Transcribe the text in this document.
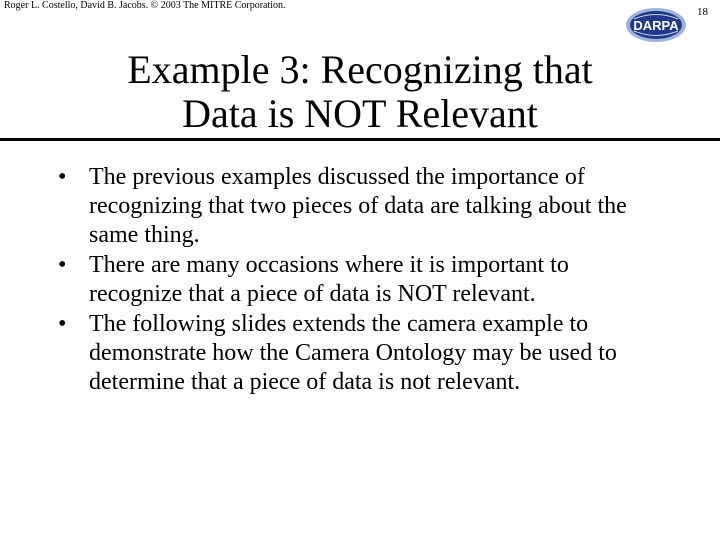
Roger L. Costello, David B. Jacobs. © 2003 The MITRE Corporation.
18
DARPA
Example 3: Recognizing that
Data is NOT Relevant
• The previous examples discussed the importance of recognizing that two pieces of data are talking about the same thing.
• There are many occasions where it is important to recognize that a piece of data is NOT relevant.
• The following slides extends the camera example to demonstrate how the Camera Ontology may be used to determine that a piece of data is not relevant.
